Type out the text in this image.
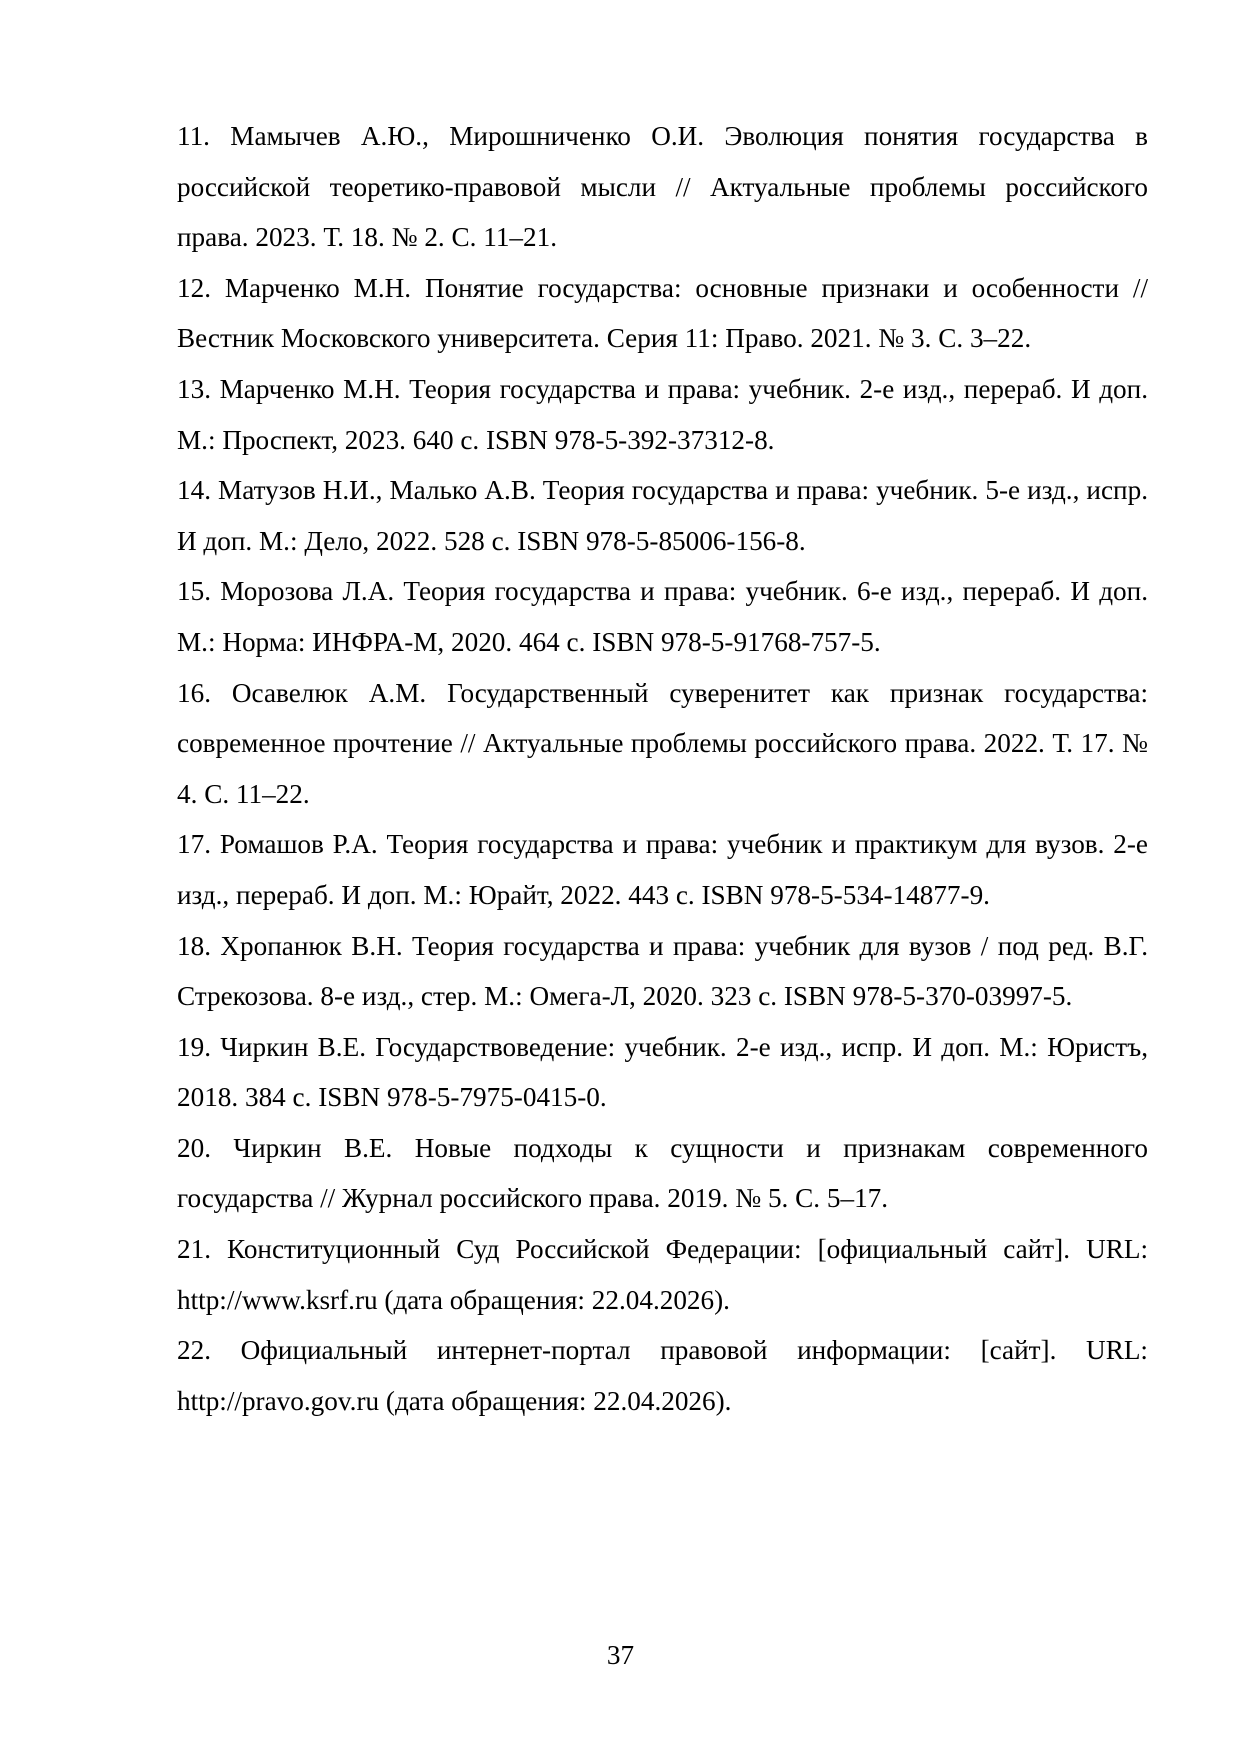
11. Мамычев А.Ю., Мирошниченко О.И. Эволюция понятия государства в российской теоретико-правовой мысли // Актуальные проблемы российского права. 2023. Т. 18. № 2. С. 11–21.
12. Марченко М.Н. Понятие государства: основные признаки и особенности // Вестник Московского университета. Серия 11: Право. 2021. № 3. С. 3–22.
13. Марченко М.Н. Теория государства и права: учебник. 2-е изд., перераб. И доп. М.: Проспект, 2023. 640 с. ISBN 978-5-392-37312-8.
14. Матузов Н.И., Малько А.В. Теория государства и права: учебник. 5-е изд., испр. И доп. М.: Дело, 2022. 528 с. ISBN 978-5-85006-156-8.
15. Морозова Л.А. Теория государства и права: учебник. 6-е изд., перераб. И доп. М.: Норма: ИНФРА-М, 2020. 464 с. ISBN 978-5-91768-757-5.
16. Осавелюк А.М. Государственный суверенитет как признак государства: современное прочтение // Актуальные проблемы российского права. 2022. Т. 17. № 4. С. 11–22.
17. Ромашов Р.А. Теория государства и права: учебник и практикум для вузов. 2-е изд., перераб. И доп. М.: Юрайт, 2022. 443 с. ISBN 978-5-534-14877-9.
18. Хропанюк В.Н. Теория государства и права: учебник для вузов / под ред. В.Г. Стрекозова. 8-е изд., стер. М.: Омега-Л, 2020. 323 с. ISBN 978-5-370-03997-5.
19. Чиркин В.Е. Государствоведение: учебник. 2-е изд., испр. И доп. М.: Юристъ, 2018. 384 с. ISBN 978-5-7975-0415-0.
20. Чиркин В.Е. Новые подходы к сущности и признакам современного государства // Журнал российского права. 2019. № 5. С. 5–17.
21. Конституционный Суд Российской Федерации: [официальный сайт]. URL: http://www.ksrf.ru (дата обращения: 22.04.2026).
22. Официальный интернет-портал правовой информации: [сайт]. URL: http://pravo.gov.ru (дата обращения: 22.04.2026).
37
